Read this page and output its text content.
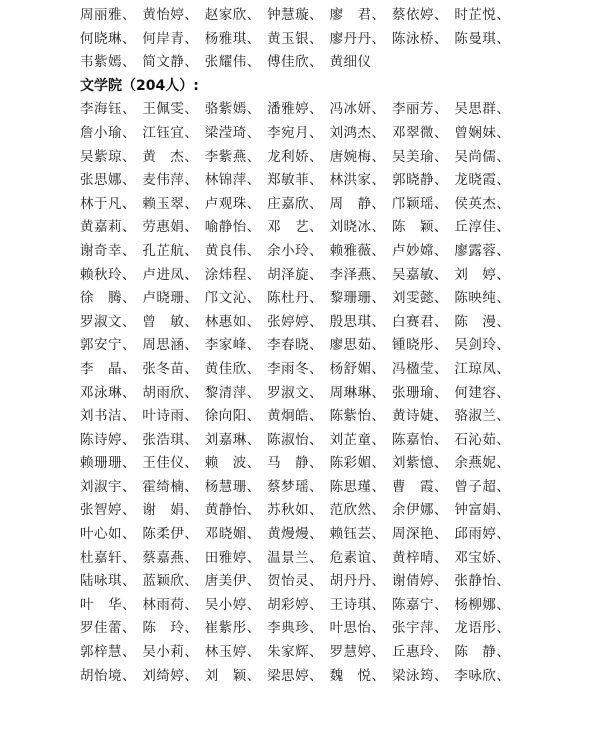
周丽雅、 黄怡婷、 赵家欣、 钟慧璇、 廖　君、 蔡依婷、 时芷悦、
何晓琳、 何岸青、 杨雅琪、 黄玉银、 廖丹丹、 陈泳桥、 陈曼琪、
韦紫嫣、 简文静、 张耀伟、 傅佳欣、 黄细仪
文学院（204人）:
李海钰、 王佩雯、 骆紫嫣、 潘雅婷、 冯冰妍、 李丽芳、 吴思群、
詹小瑜、 江钰宜、 梁滢琦、 李宛月、 刘鸿杰、 邓翠微、 曾娴妹、
吴紫琼、 黄　杰、 李紫燕、 龙利娇、 唐婉梅、 吴美瑜、 吴尚儒、
张思娜、 麦伟萍、 林锦萍、 郑敏菲、 林洪家、 郭晓静、 龙晓霞、
林于凡、 赖玉翠、 卢观珠、 庄嘉欣、 周　静、 邝颖瑶、 侯英杰、
黄嘉莉、 劳惠娟、 喻静怡、 邓　艺、 刘晓冰、 陈　颖、 丘淳佳、
谢奇幸、 孔芷航、 黄良伟、 余小玲、 赖雅薇、 卢妙嫦、 廖露蓉、
赖秋玲、 卢进凤、 涂炜程、 胡泽旋、 李泽燕、 吴嘉敏、 刘　婷、
徐　腾、 卢晓珊、 邝文沁、 陈杜丹、 黎珊珊、 刘雯懿、 陈映纯、
罗淑文、 曾　敏、 林惠如、 张婷婷、 殷思琪、 白赛君、 陈　漫、
郭安宁、 周思涵、 李家峰、 李春晓、 廖思茹、 锺晓彤、 吴剑玲、
李　晶、 张冬苗、 黄佳欣、 李雨冬、 杨舒媚、 冯楹莹、 江琼凤、
邓泳琳、 胡雨欣、 黎清萍、 罗淑文、 周琳琳、 张珊瑜、 何建容、
刘书洁、 叶诗雨、 徐向阳、 黄炯皓、 陈紫怡、 黄诗婕、 骆淑兰、
陈诗婷、 张浩琪、 刘嘉琳、 陈淑怡、 刘芷童、 陈嘉怡、 石沁茹、
赖珊珊、 王佳仪、 赖　波、 马　静、 陈彩媚、 刘紫憶、 余燕妮、
刘淑宇、 霍绮楠、 杨慧珊、 蔡梦瑶、 陈思瑾、 曹　霞、 曾子超、
张智婷、 谢　娟、 黄静怡、 苏秋如、 范欣然、 余伊娜、 钟富娟、
叶心如、 陈柔伊、 邓晓媚、 黄熳熳、 赖钰芸、 周深艳、 邱雨婷、
杜嘉轩、 蔡嘉燕、 田雅婷、 温景兰、 危素谊、 黄梓晴、 邓宝娇、
陆咏琪、 蓝颖欣、 唐美伊、 贺怡灵、 胡丹丹、 谢倩婷、 张静怡、
叶　华、 林雨荷、 吴小婷、 胡彩婷、 王诗琪、 陈嘉宁、 杨柳娜、
罗佳蕾、 陈　玲、 崔紫彤、 李典珍、 叶思怡、 张宇萍、 龙语彤、
郭梓慧、 吴小莉、 林玉婷、 朱家辉、 罗慧婷、 丘惠玲、 陈　静、
胡怡境、 刘绮婷、 刘　颖、 梁思婷、 魏　悦、 梁泳筠、 李咏欣、
